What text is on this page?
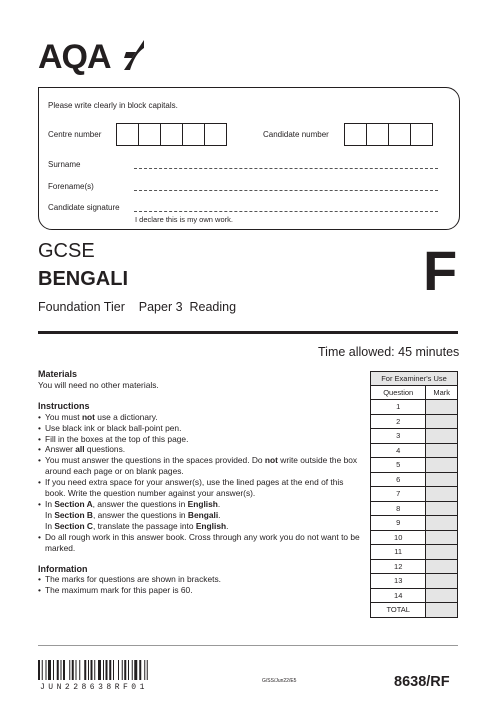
AQA
Please write clearly in block capitals.
Centre number	Candidate number
Surname
Forename(s)
Candidate signature
I declare this is my own work.
GCSE
BENGALI
Foundation Tier    Paper 3  Reading
F
Time allowed: 45 minutes
Materials
You will need no other materials.
Instructions
• You must not use a dictionary.
• Use black ink or black ball-point pen.
• Fill in the boxes at the top of this page.
• Answer all questions.
• You must answer the questions in the spaces provided. Do not write outside the box around each page or on blank pages.
• If you need extra space for your answer(s), use the lined pages at the end of this book. Write the question number against your answer(s).
• In Section A, answer the questions in English.
In Section B, answer the questions in Bengali.
In Section C, translate the passage into English.
• Do all rough work in this answer book. Cross through any work you do not want to be marked.
Information
• The marks for questions are shown in brackets.
• The maximum mark for this paper is 60.
For Examiner's Use	
Question	Mark
1	
2	
3	
4	
5	
6	
7	
8	
9	
10	
11	
12	
13	
14	
TOTAL	
JUN228638RF01
G/SS/Jun22/E5	8638/RF
